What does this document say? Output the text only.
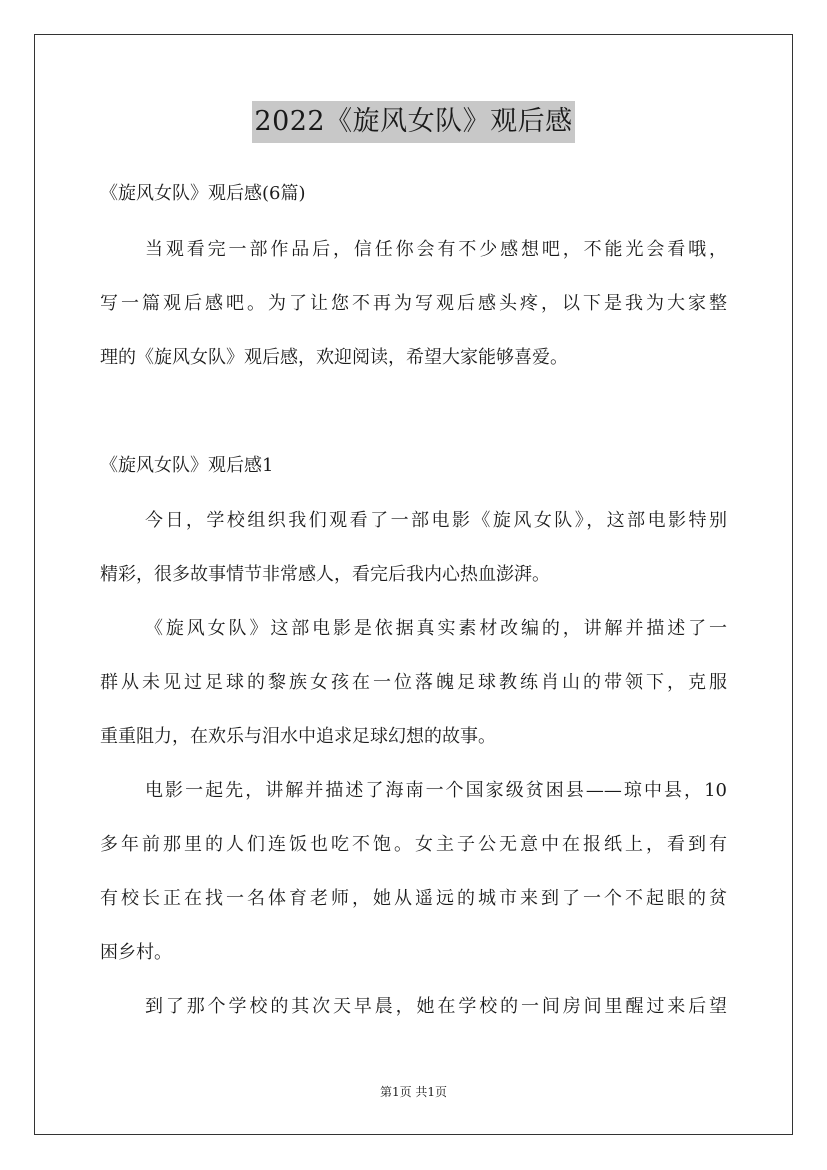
2022《旋风女队》观后感
《旋风女队》观后感(6篇)
当观看完一部作品后，信任你会有不少感想吧，不能光会看哦，
写一篇观后感吧。为了让您不再为写观后感头疼，以下是我为大家整
理的《旋风女队》观后感，欢迎阅读，希望大家能够喜爱。
《旋风女队》观后感1
今日，学校组织我们观看了一部电影《旋风女队》，这部电影特别
精彩，很多故事情节非常感人，看完后我内心热血澎湃。
《旋风女队》这部电影是依据真实素材改编的，讲解并描述了一
群从未见过足球的黎族女孩在一位落魄足球教练肖山的带领下，克服
重重阻力，在欢乐与泪水中追求足球幻想的故事。
电影一起先，讲解并描述了海南一个国家级贫困县——琼中县，10
多年前那里的人们连饭也吃不饱。女主子公无意中在报纸上，看到有
有校长正在找一名体育老师，她从遥远的城市来到了一个不起眼的贫
困乡村。
到了那个学校的其次天早晨，她在学校的一间房间里醒过来后望
第1页 共1页
